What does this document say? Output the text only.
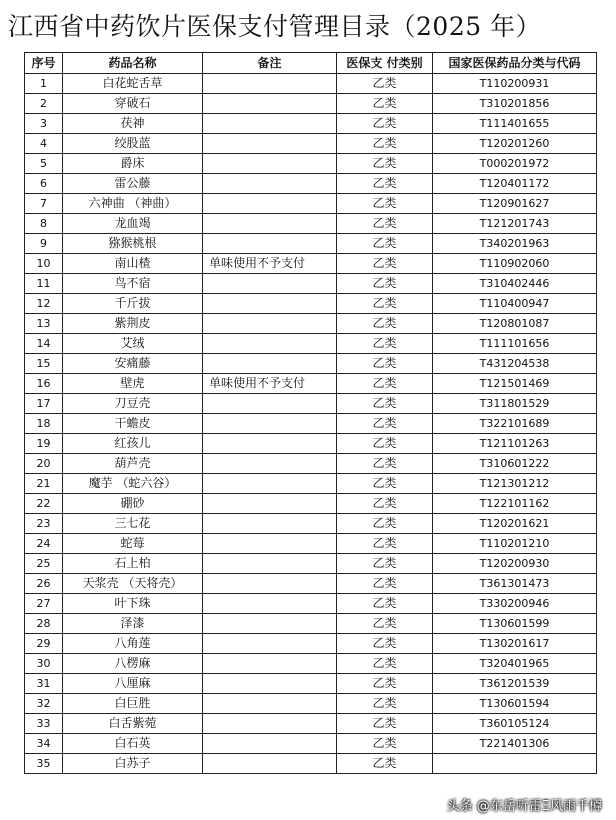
江西省中药饮片医保支付管理目录（2025 年）
序号	药品名称	备注	医保支 付类别	国家医保药品分类与代码
1	白花蛇舌草		乙类	T110200931
2	穿破石		乙类	T310201856
3	茯神		乙类	T111401655
4	绞股蓝		乙类	T120201260
5	爵床		乙类	T000201972
6	雷公藤		乙类	T120401172
7	六神曲 （神曲）		乙类	T120901627
8	龙血竭		乙类	T121201743
9	猕猴桃根		乙类	T340201963
10	南山楂	单味使用不予支付	乙类	T110902060
11	鸟不宿		乙类	T310402446
12	千斤拔		乙类	T110400947
13	紫荆皮		乙类	T120801087
14	艾绒		乙类	T111101656
15	安痛藤		乙类	T431204538
16	壁虎	单味使用不予支付	乙类	T121501469
17	刀豆壳		乙类	T311801529
18	干蟾皮		乙类	T322101689
19	红孩儿		乙类	T121101263
20	葫芦壳		乙类	T310601222
21	魔芋 （蛇六谷）		乙类	T121301212
22	硼砂		乙类	T122101162
23	三七花		乙类	T120201621
24	蛇莓		乙类	T110201210
25	石上柏		乙类	T120200930
26	天浆壳 （天将壳）		乙类	T361301473
27	叶下珠		乙类	T330200946
28	泽漆		乙类	T130601599
29	八角莲		乙类	T130201617
30	八楞麻		乙类	T320401965
31	八厘麻		乙类	T361201539
32	白巨胜		乙类	T130601594
33	白舌紫菀		乙类	T360105124
34	白石英		乙类	T221401306
35	白苏子		乙类	
头条 @东岳听雷Ξ风雨千樽
